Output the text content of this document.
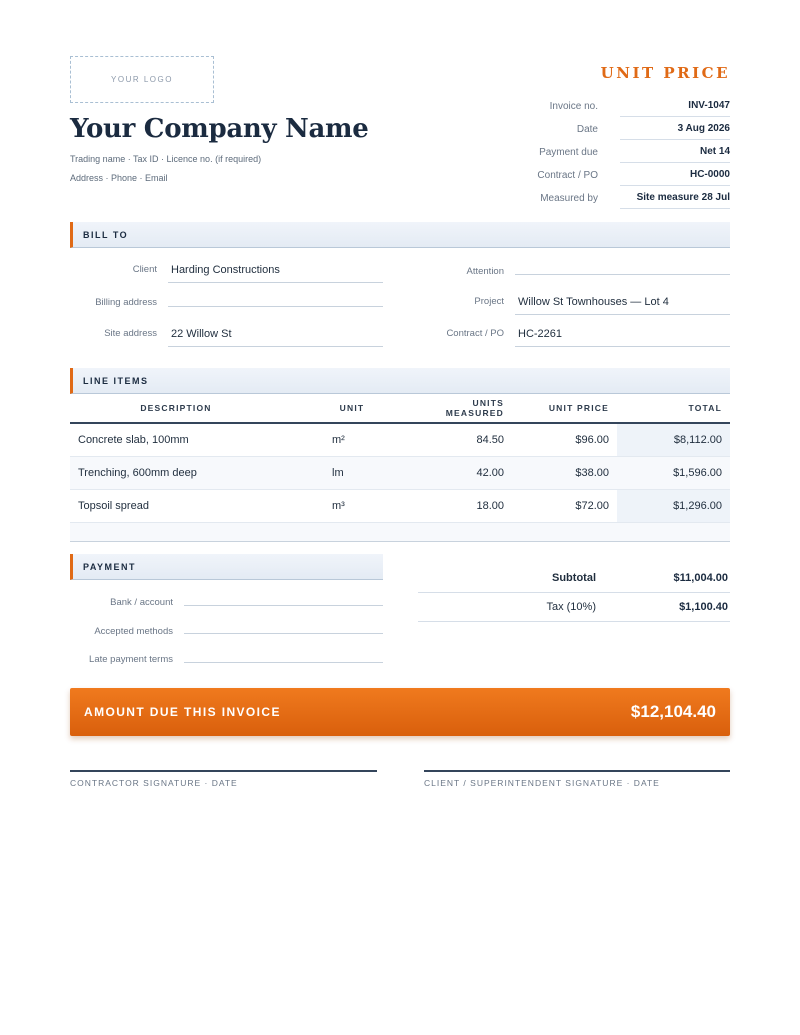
YOUR LOGO
Your Company Name
Trading name · Tax ID · Licence no. (if required)
Address · Phone · Email
UNIT PRICE
Invoice no.	INV-1047
Date	3 Aug 2026
Payment due	Net 14
Contract / PO	HC-0000
Measured by	Site measure 28 Jul
BILL TO
Client Harding Constructions
Billing address
Site address 22 Willow St
Attention
Project Willow St Townhouses — Lot 4
Contract / PO HC-2261
LINE ITEMS
DESCRIPTION	UNIT	UNITS MEASURED	UNIT PRICE	TOTAL
Concrete slab, 100mm	m²	84.50	$96.00	$8,112.00
Trenching, 600mm deep	lm	42.00	$38.00	$1,596.00
Topsoil spread	m³	18.00	$72.00	$1,296.00

PAYMENT
Bank / account
Accepted methods
Late payment terms
Subtotal	$11,004.00
Tax (10%)	$1,100.40
AMOUNT DUE THIS INVOICE	$12,104.40
CONTRACTOR SIGNATURE · DATE	CLIENT / SUPERINTENDENT SIGNATURE · DATE
